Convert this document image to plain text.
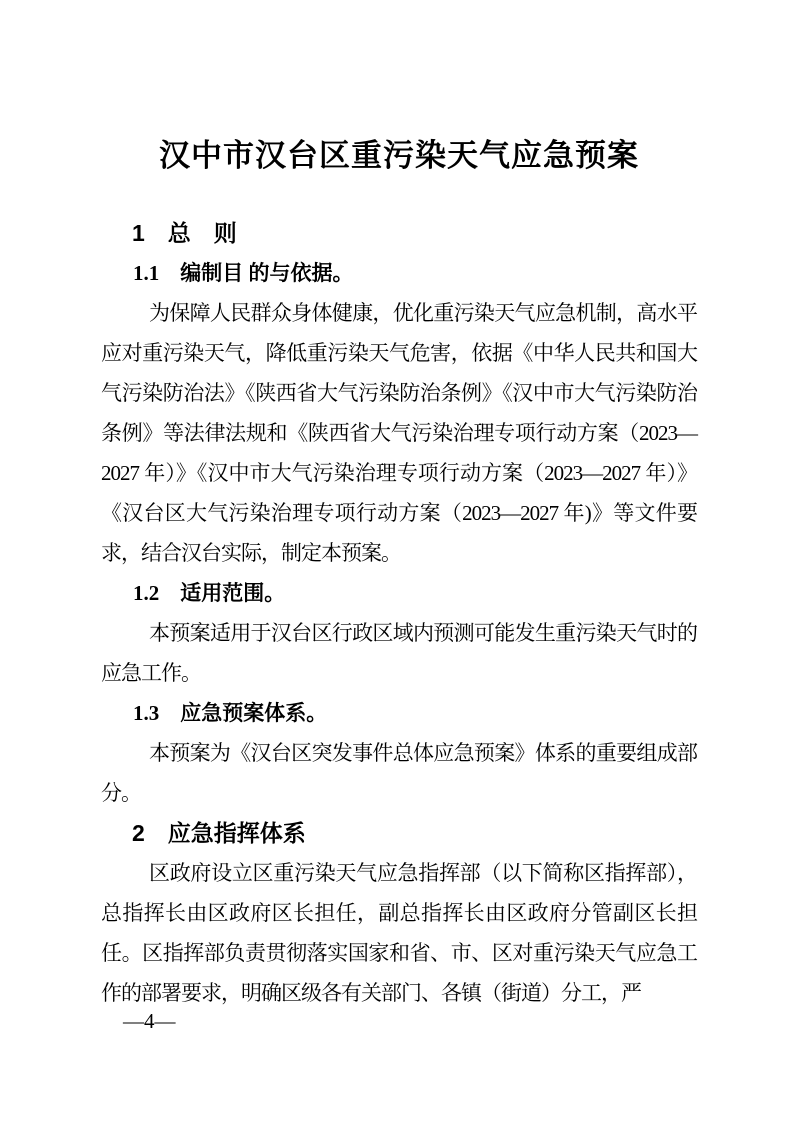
汉中市汉台区重污染天气应急预案
1　总　则
1.1　编制目 的与依据。

为保障人民群众身体健康，优化重污染天气应急机制，高水平应对重污染天气，降低重污染天气危害，依据《中华人民共和国大气污染防治法》《陕西省大气污染防治条例》《汉中市大气污染防治条例》等法律法规和《陕西省大气污染治理专项行动方案（2023—2027 年）》《汉中市大气污染治理专项行动方案（2023—2027 年）》《汉台区大气污染治理专项行动方案（2023—2027 年)》等文件要求，结合汉台实际，制定本预案。

1.2　适用范围。

本预案适用于汉台区行政区域内预测可能发生重污染天气时的应急工作。

1.3　应急预案体系。

本预案为《汉台区突发事件总体应急预案》体系的重要组成部分。

2　应急指挥体系

区政府设立区重污染天气应急指挥部（以下简称区指挥部），总指挥长由区政府区长担任，副总指挥长由区政府分管副区长担任。区指挥部负责贯彻落实国家和省、市、区对重污染天气应急工作的部署要求，明确区级各有关部门、各镇（街道）分工，严

—4—
